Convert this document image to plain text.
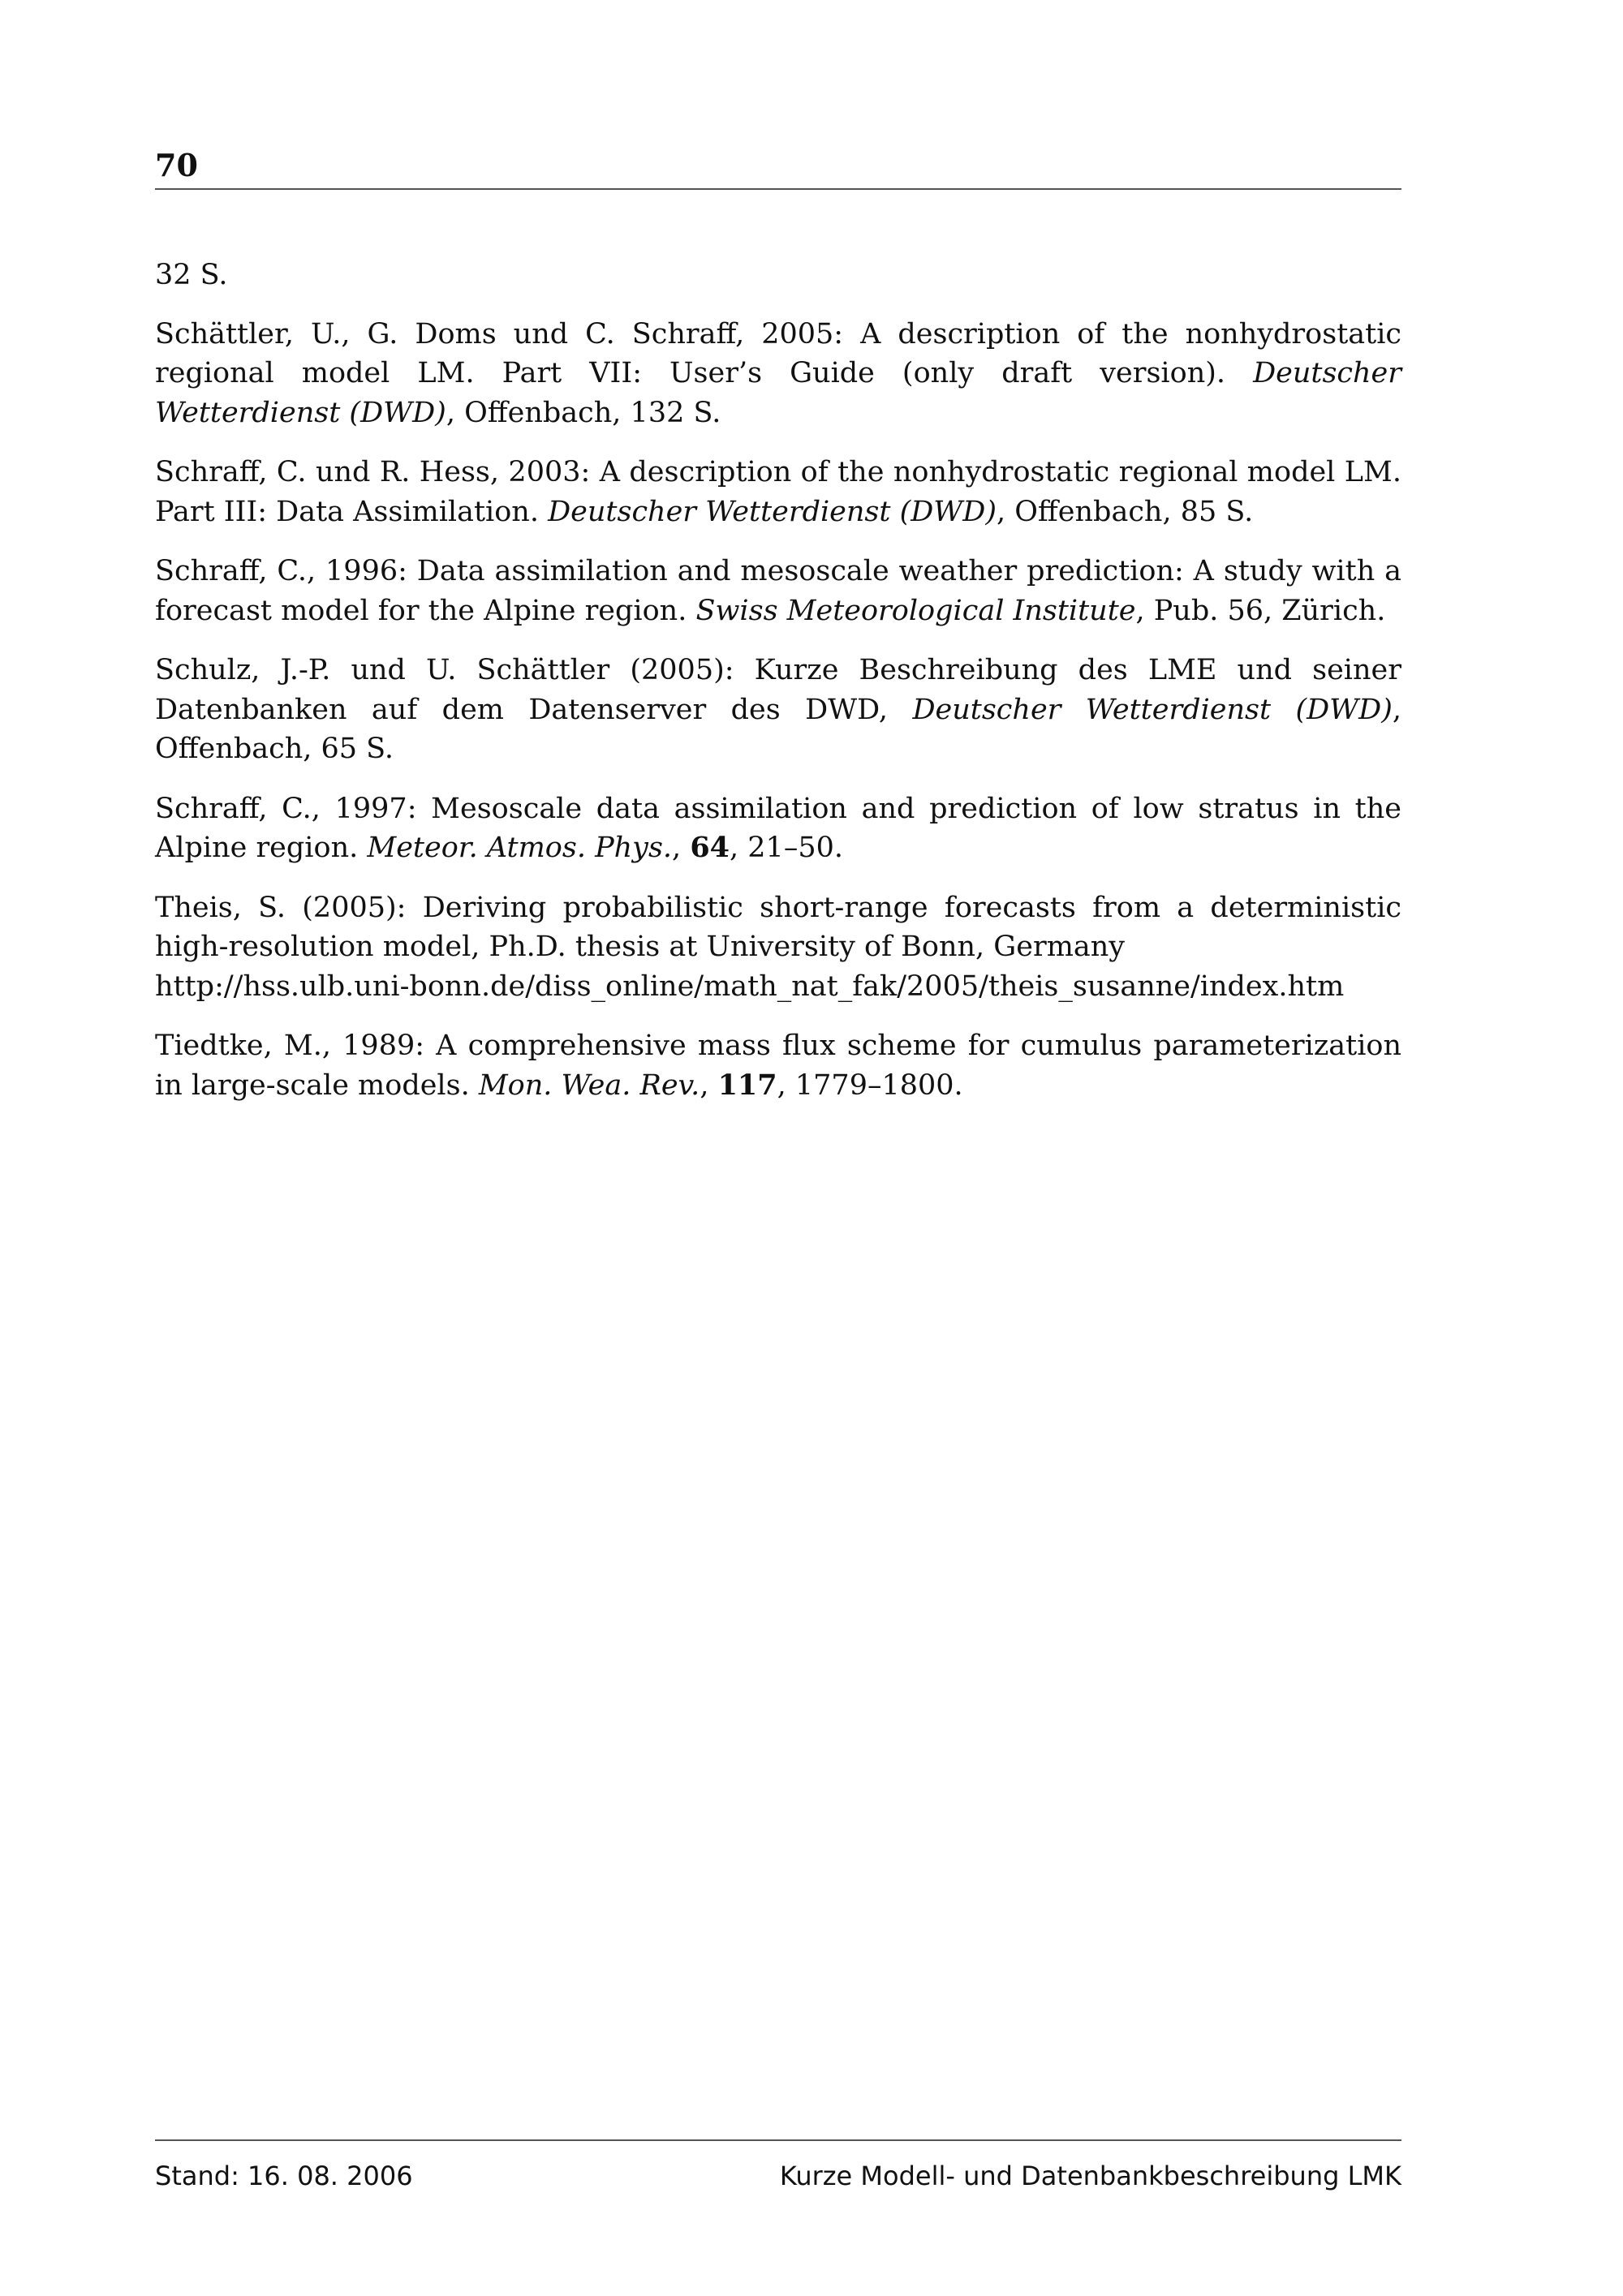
70

32 S.

Schättler, U., G. Doms und C. Schraff, 2005: A description of the nonhydrostatic regional model LM. Part VII: User’s Guide (only draft version). Deutscher Wetterdienst (DWD), Offenbach, 132 S.

Schraff, C. und R. Hess, 2003: A description of the nonhydrostatic regional model LM. Part III: Data Assimilation. Deutscher Wetterdienst (DWD), Offenbach, 85 S.

Schraff, C., 1996: Data assimilation and mesoscale weather prediction: A study with a forecast model for the Alpine region. Swiss Meteorological Institute, Pub. 56, Zürich.

Schulz, J.-P. und U. Schättler (2005): Kurze Beschreibung des LME und seiner Datenbanken auf dem Datenserver des DWD, Deutscher Wetterdienst (DWD), Offenbach, 65 S.

Schraff, C., 1997: Mesoscale data assimilation and prediction of low stratus in the Alpine region. Meteor. Atmos. Phys., 64, 21–50.

Theis, S. (2005): Deriving probabilistic short-range forecasts from a deterministic high-resolution model, Ph.D. thesis at University of Bonn, Germany
http://hss.ulb.uni-bonn.de/diss_online/math_nat_fak/2005/theis_susanne/index.htm

Tiedtke, M., 1989: A comprehensive mass flux scheme for cumulus parameterization in large-scale models. Mon. Wea. Rev., 117, 1779–1800.

Stand: 16. 08. 2006	Kurze Modell- und Datenbankbeschreibung LMK
